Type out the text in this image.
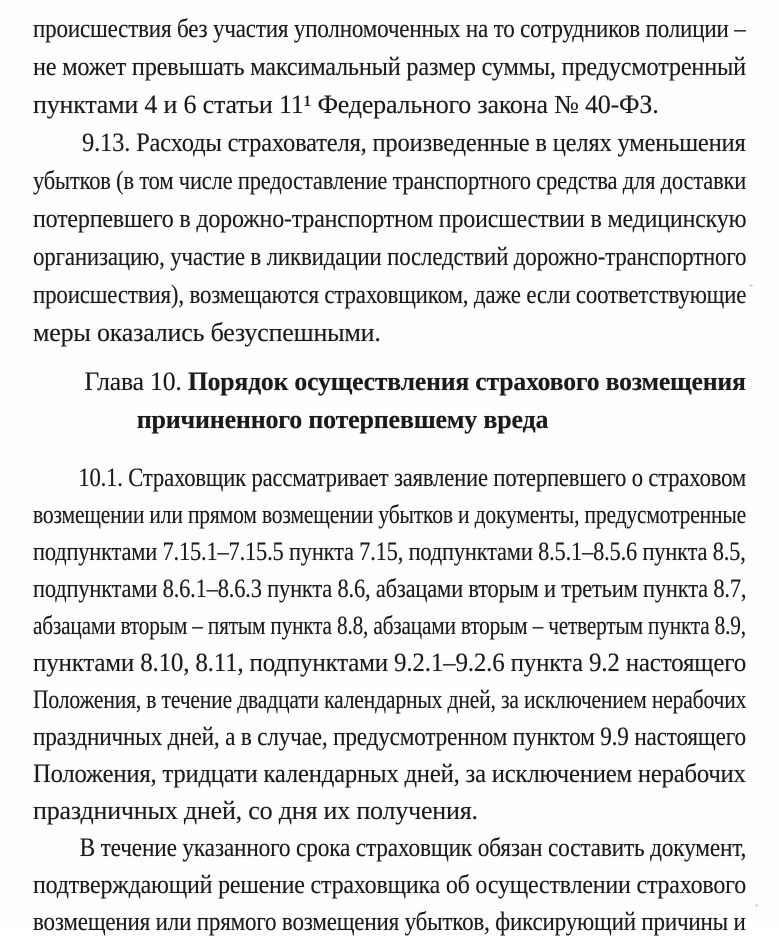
происшествия без участия уполномоченных на то сотрудников полиции –
не может превышать максимальный размер суммы, предусмотренный
пунктами 4 и 6 статьи 11¹ Федерального закона № 40-ФЗ.
9.13. Расходы страхователя, произведенные в целях уменьшения
убытков (в том числе предоставление транспортного средства для доставки
потерпевшего в дорожно-транспортном происшествии в медицинскую
организацию, участие в ликвидации последствий дорожно-транспортного
происшествия), возмещаются страховщиком, даже если соответствующие
меры оказались безуспешными.
Глава 10. Порядок осуществления страхового возмещения
причиненного потерпевшему вреда
10.1. Страховщик рассматривает заявление потерпевшего о страховом
возмещении или прямом возмещении убытков и документы, предусмотренные
подпунктами 7.15.1–7.15.5 пункта 7.15, подпунктами 8.5.1–8.5.6 пункта 8.5,
подпунктами 8.6.1–8.6.3 пункта 8.6, абзацами вторым и третьим пункта 8.7,
абзацами вторым – пятым пункта 8.8, абзацами вторым – четвертым пункта 8.9,
пунктами 8.10, 8.11, подпунктами 9.2.1–9.2.6 пункта 9.2 настоящего
Положения, в течение двадцати календарных дней, за исключением нерабочих
праздничных дней, а в случае, предусмотренном пунктом 9.9 настоящего
Положения, тридцати календарных дней, за исключением нерабочих
праздничных дней, со дня их получения.
В течение указанного срока страховщик обязан составить документ,
подтверждающий решение страховщика об осуществлении страхового
возмещения или прямого возмещения убытков, фиксирующий причины и
